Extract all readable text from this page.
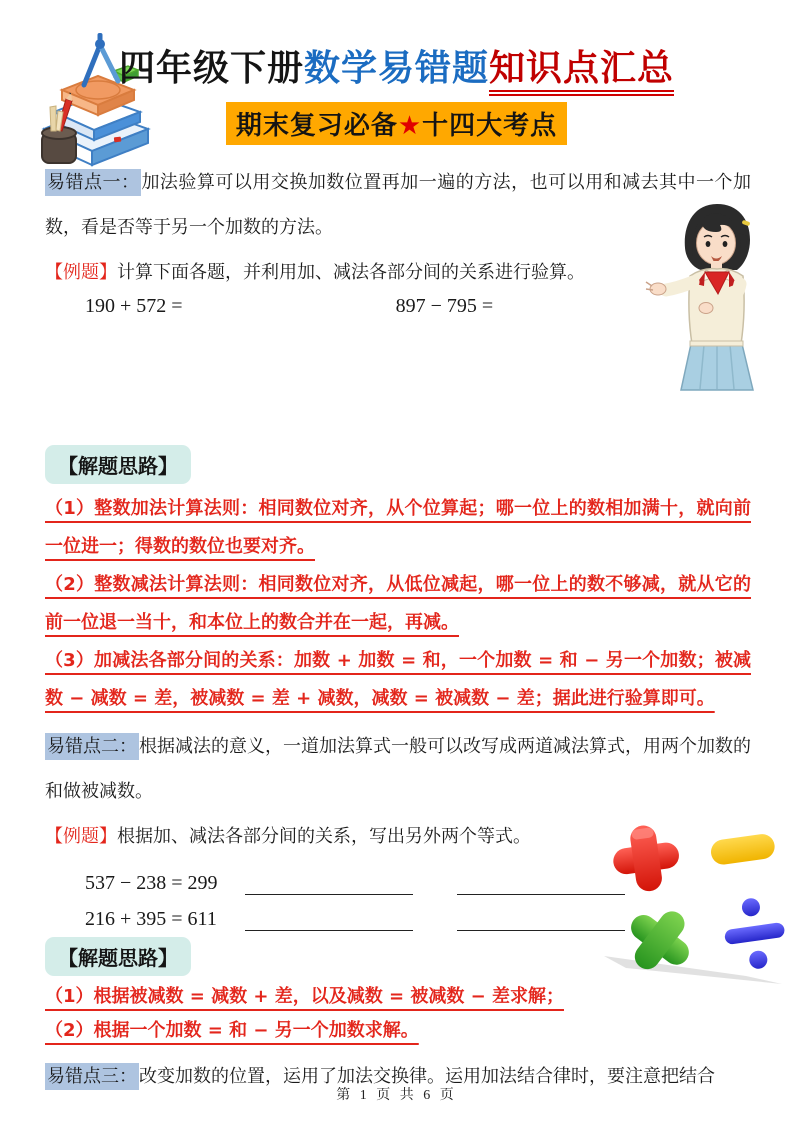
四年级下册数学易错题知识点汇总
期末复习必备★十四大考点

易错点一： 加法验算可以用交换加数位置再加一遍的方法，也可以用和减去其中一个加数，看是否等于另一个加数的方法。

【例题】计算下面各题，并利用加、减法各部分间的关系进行验算。

190 + 572 =	897 − 795 =
【解题思路】

（1）整数加法计算法则：相同数位对齐，从个位算起；哪一位上的数相加满十，就向前一位进一；得数的数位也要对齐。

（2）整数减法计算法则：相同数位对齐，从低位减起，哪一位上的数不够减，就从它的前一位退一当十，和本位上的数合并在一起，再减。

（3）加减法各部分间的关系：加数 + 加数 = 和，一个加数 = 和 − 另一个加数；被减数 − 减数 = 差，被减数 = 差 + 减数，减数 = 被减数 − 差；据此进行验算即可。

易错点二： 根据减法的意义，一道加法算式一般可以改写成两道减法算式，用两个加数的和做被减数。

【例题】根据加、减法各部分间的关系，写出另外两个等式。

537 − 238 = 299
216 + 395 = 611
【解题思路】

（1）根据被减数 = 减数 + 差，以及减数 = 被减数 − 差求解；

（2）根据一个加数 = 和 − 另一个加数求解。

易错点三： 改变加数的位置，运用了加法交换律。运用加法结合律时，要注意把结合

第 1 页 共 6 页
